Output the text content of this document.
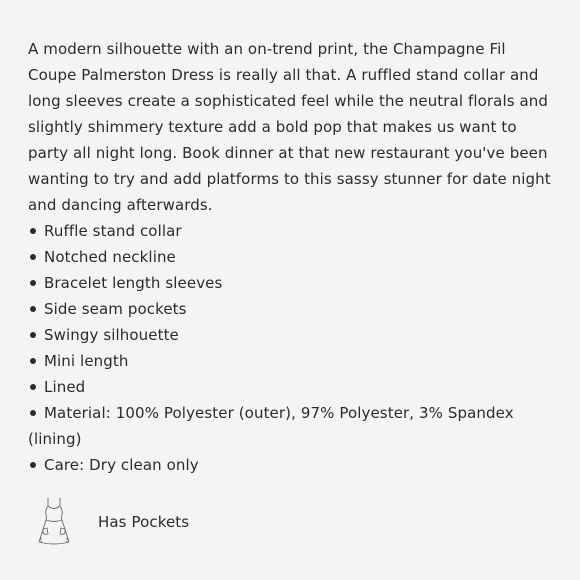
A modern silhouette with an on-trend print, the Champagne Fil Coupe Palmerston Dress is really all that. A ruffled stand collar and long sleeves create a sophisticated feel while the neutral florals and slightly shimmery texture add a bold pop that makes us want to party all night long. Book dinner at that new restaurant you've been wanting to try and add platforms to this sassy stunner for date night and dancing afterwards.

Ruffle stand collar
Notched neckline
Bracelet length sleeves
Side seam pockets
Swingy silhouette
Mini length
Lined
Material: 100% Polyester (outer), 97% Polyester, 3% Spandex (lining)
Care: Dry clean only
Has Pockets
